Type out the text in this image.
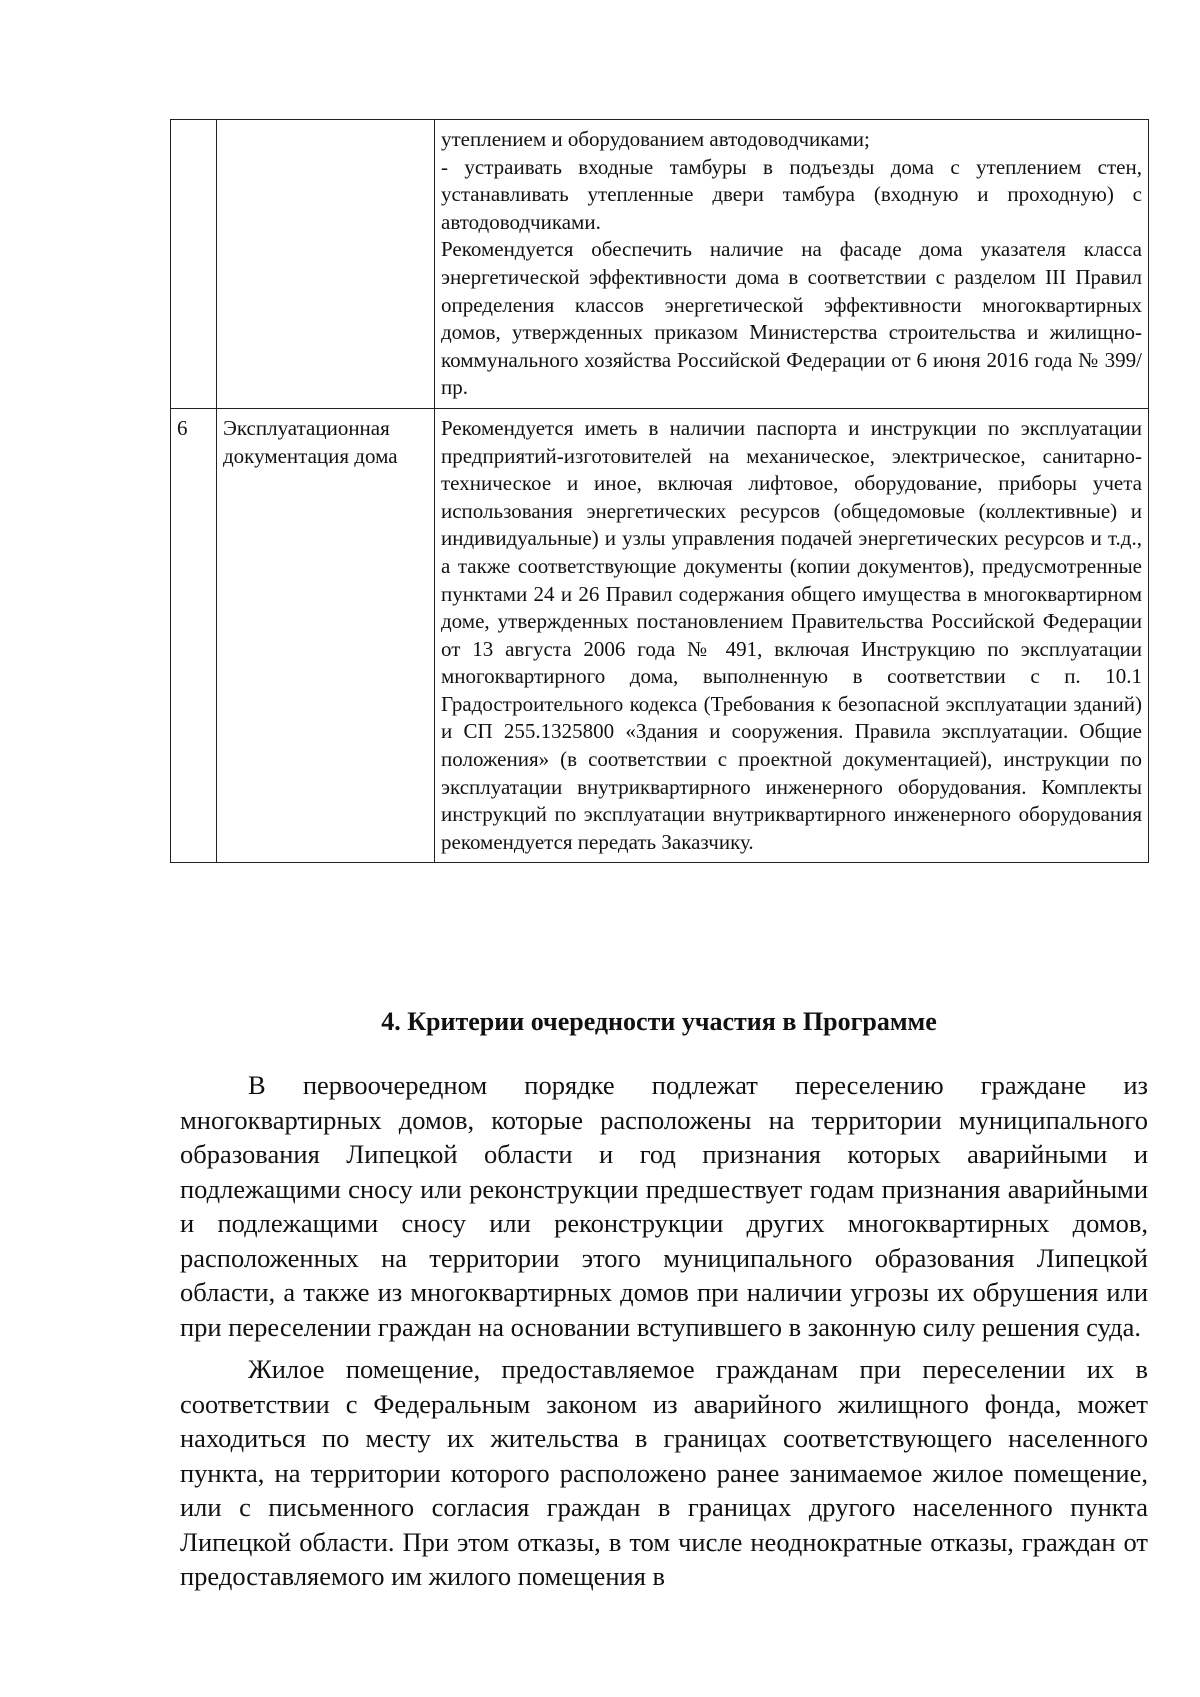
		утеплением и оборудованием автодоводчиками;

- устраивать входные тамбуры в подъезды дома с утеплением стен, устанавливать утепленные двери тамбура (входную и проходную) с автодоводчиками.

Рекомендуется обеспечить наличие на фасаде дома указателя класса энергетической эффективности дома в соответствии с разделом III Правил определения классов энергетической эффективности многоквартирных домов, утвержденных приказом Министерства строительства и жилищно-коммунального хозяйства Российской Федерации от 6 июня 2016 года № 399/пр.

6	Эксплуатационная документация дома	Рекомендуется иметь в наличии паспорта и инструкции по эксплуатации предприятий-изготовителей на механическое, электрическое, санитарно-техническое и иное, включая лифтовое, оборудование, приборы учета использования энергетических ресурсов (общедомовые (коллективные) и индивидуальные) и узлы управления подачей энергетических ресурсов и т.д., а также соответствующие документы (копии документов), предусмотренные пунктами 24 и 26 Правил содержания общего имущества в многоквартирном доме, утвержденных постановлением Правительства Российской Федерации от 13 августа 2006 года № 491, включая Инструкцию по эксплуатации многоквартирного дома, выполненную в соответствии с п. 10.1 Градостроительного кодекса (Требования к безопасной эксплуатации зданий) и СП 255.1325800 «Здания и сооружения. Правила эксплуатации. Общие положения» (в соответствии с проектной документацией), инструкции по эксплуатации внутриквартирного инженерного оборудования. Комплекты инструкций по эксплуатации внутриквартирного инженерного оборудования рекомендуется передать Заказчику.

4. Критерии очередности участия в Программе

В первоочередном порядке подлежат переселению граждане из многоквартирных домов, которые расположены на территории муниципального образования Липецкой области и год признания которых аварийными и подлежащими сносу или реконструкции предшествует годам признания аварийными и подлежащими сносу или реконструкции других многоквартирных домов, расположенных на территории этого муниципального образования Липецкой области, а также из многоквартирных домов при наличии угрозы их обрушения или при переселении граждан на основании вступившего в законную силу решения суда.

Жилое помещение, предоставляемое гражданам при переселении их в соответствии с Федеральным законом из аварийного жилищного фонда, может находиться по месту их жительства в границах соответствующего населенного пункта, на территории которого расположено ранее занимаемое жилое помещение, или с письменного согласия граждан в границах другого населенного пункта Липецкой области. При этом отказы, в том числе неоднократные отказы, граждан от предоставляемого им жилого помещения в
